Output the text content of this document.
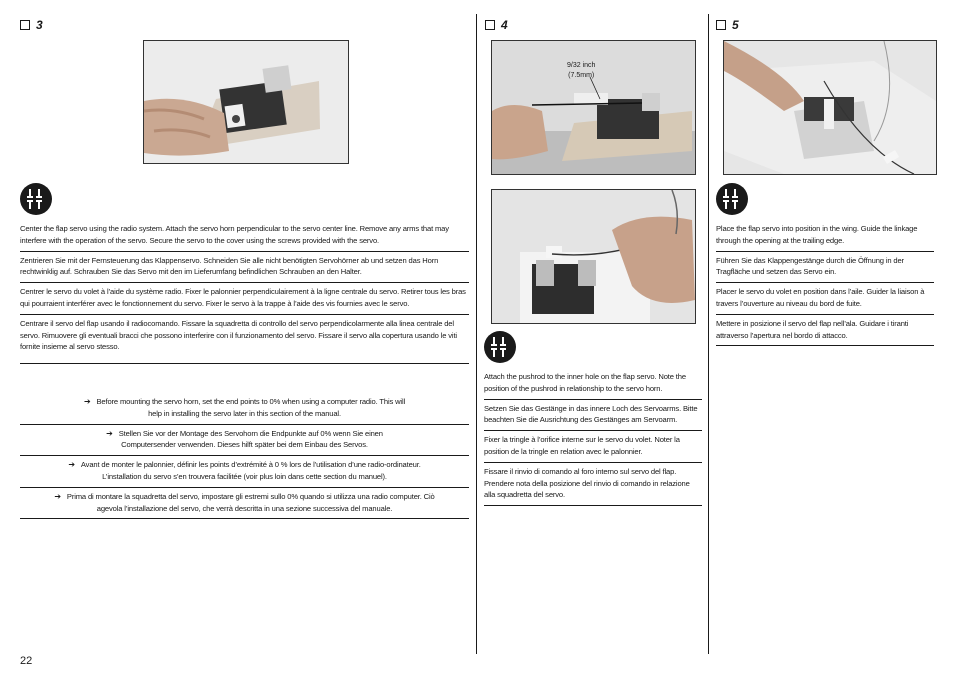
3
Center the flap servo using the radio system. Attach the servo horn perpendicular to the servo center line. Remove any arms that may interfere with the operation of the servo. Secure the servo to the cover using the screws provided with the servo.
Zentrieren Sie mit der Fernsteuerung das Klappenservo. Schneiden Sie alle nicht benötigten Servohörner ab und setzen das Horn rechtwinklig auf. Schrauben Sie das Servo mit den im Lieferumfang befindlichen Schrauben an den Halter.
Centrer le servo du volet à l’aide du système radio. Fixer le palonnier perpendiculairement à la ligne centrale du servo. Retirer tous les bras qui pourraient interférer avec le fonctionnement du servo. Fixer le servo à la trappe à l’aide des vis fournies avec le servo.
Centrare il servo del flap usando il radiocomando. Fissare la squadretta di controllo del servo perpendicolarmente alla linea centrale del servo. Rimuovere gli eventuali bracci che possono interferire con il funzionamento del servo. Fissare il servo alla copertura usando le viti fornite insieme al servo stesso.
➔ Before mounting the servo horn, set the end points to 0% when using a computer radio. This will help in installing the servo later in this section of the manual.
➔ Stellen Sie vor der Montage des Servohorn die Endpunkte auf 0% wenn Sie einen Computersender verwenden. Dieses hilft später bei dem Einbau des Servos.
➔ Avant de monter le palonnier, définir les points d’extrémité à 0 % lors de l’utilisation d’une radio-ordinateur. L’installation du servo s’en trouvera facilitée (voir plus loin dans cette section du manuel).
➔ Prima di montare la squadretta del servo, impostare gli estremi sullo 0% quando si utilizza una radio computer. Ciò agevola l’installazione del servo, che verrà descritta in una sezione successiva del manuale.
22
4
9/32 inch
(7.5mm)
Attach the pushrod to the inner hole on the flap servo. Note the position of the pushrod in relationship to the servo horn.
Setzen Sie das Gestänge in das innere Loch des Servoarms. Bitte beachten Sie die Ausrichtung des Gestänges am Servoarm.
Fixer la tringle à l’orifice interne sur le servo du volet. Noter la position de la tringle en relation avec le palonnier.
Fissare il rinvio di comando al foro interno sul servo del flap. Prendere nota della posizione del rinvio di comando in relazione alla squadretta del servo.
5
Place the flap servo into position in the wing. Guide the linkage through the opening at the trailing edge.
Führen Sie das Klappengestänge durch die Öffnung in der Tragfläche und setzen das Servo ein.
Placer le servo du volet en position dans l’aile. Guider la liaison à travers l’ouverture au niveau du bord de fuite.
Mettere in posizione il servo del flap nell’ala. Guidare i tiranti attraverso l’apertura nel bordo di attacco.
